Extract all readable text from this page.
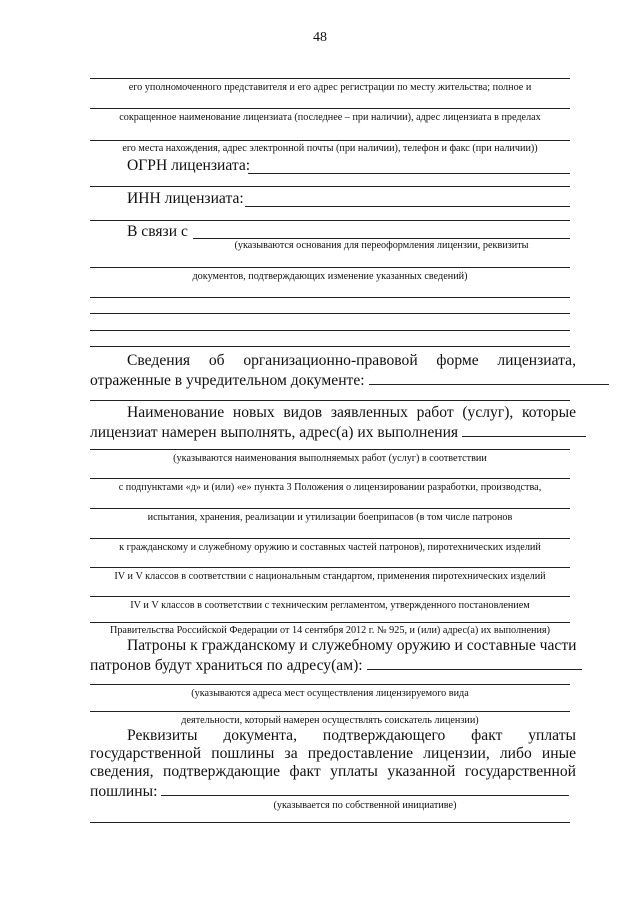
48
его уполномоченного представителя и его адрес регистрации по месту жительства; полное и
сокращенное наименование лицензиата (последнее – при наличии), адрес лицензиата в пределах
его места нахождения, адрес электронной почты (при наличии), телефон и факс (при наличии))
ОГРН лицензиата:
ИНН лицензиата:
В связи с
(указываются основания для переоформления лицензии, реквизиты
документов, подтверждающих изменение указанных сведений)
Сведения об организационно-правовой форме лицензиата,
отраженные в учредительном документе:
Наименование новых видов заявленных работ (услуг), которые
лицензиат намерен выполнять, адрес(а) их выполнения
(указываются наименования выполняемых работ (услуг) в соответствии
с подпунктами «д» и (или) «е» пункта 3 Положения о лицензировании разработки, производства,
испытания, хранения, реализации и утилизации боеприпасов (в том числе патронов
к гражданскому и служебному оружию и составных частей патронов), пиротехнических изделий
IV и V классов в соответствии с национальным стандартом, применения пиротехнических изделий
IV и V классов в соответствии с техническим регламентом, утвержденного постановлением
Правительства Российской Федерации от 14 сентября 2012 г. № 925, и (или) адрес(а) их выполнения)
Патроны к гражданскому и служебному оружию и составные части
патронов будут храниться по адресу(ам):
(указываются адреса мест осуществления лицензируемого вида
деятельности, который намерен осуществлять соискатель лицензии)
Реквизиты документа, подтверждающего факт уплаты
государственной пошлины за предоставление лицензии, либо иные
сведения, подтверждающие факт уплаты указанной государственной
пошлины:
(указывается по собственной инициативе)
